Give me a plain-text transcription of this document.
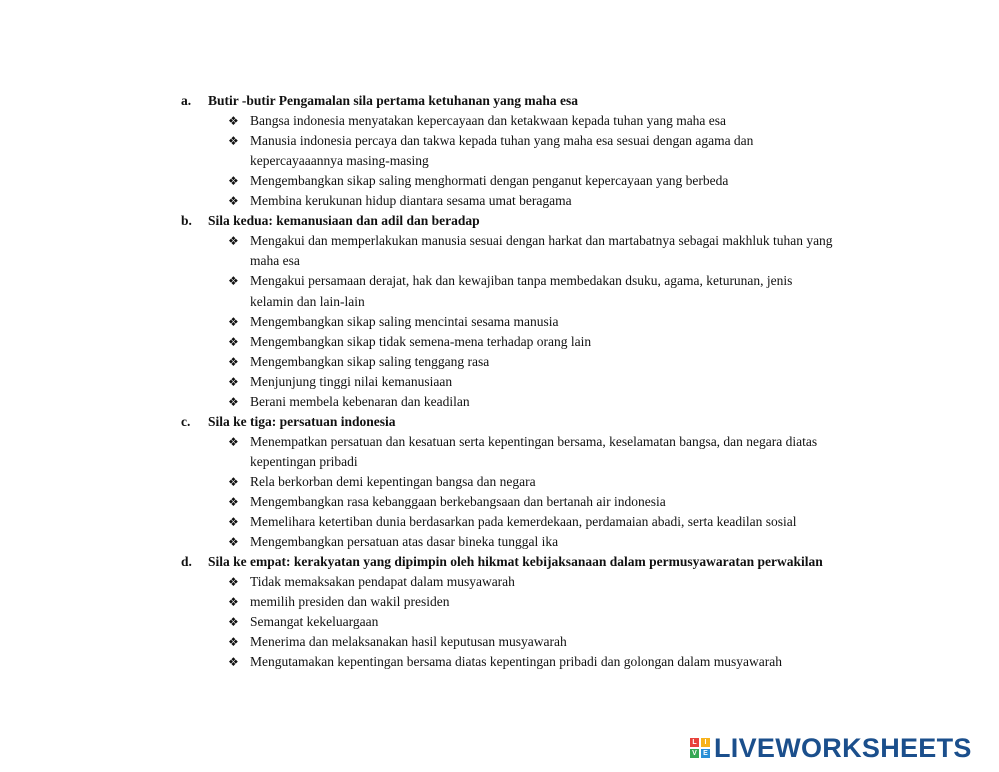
a. Butir -butir Pengamalan sila pertama ketuhanan yang maha esa
❖ Bangsa indonesia menyatakan kepercayaan dan ketakwaan kepada tuhan yang maha esa
❖ Manusia indonesia percaya dan takwa kepada tuhan yang maha esa sesuai dengan agama dan
kepercayaaannya masing-masing
❖ Mengembangkan sikap saling menghormati dengan penganut kepercayaan yang berbeda
❖ Membina kerukunan hidup diantara sesama umat beragama
b. Sila kedua: kemanusiaan dan adil dan beradap
❖ Mengakui dan memperlakukan manusia sesuai dengan harkat dan martabatnya sebagai makhluk tuhan yang
maha esa
❖ Mengakui persamaan derajat, hak dan kewajiban tanpa membedakan dsuku, agama, keturunan, jenis
kelamin dan lain-lain
❖ Mengembangkan sikap saling mencintai sesama manusia
❖ Mengembangkan sikap tidak semena-mena terhadap orang lain
❖ Mengembangkan sikap saling tenggang rasa
❖ Menjunjung tinggi nilai kemanusiaan
❖ Berani membela kebenaran dan keadilan
c. Sila ke tiga: persatuan indonesia
❖ Menempatkan persatuan dan kesatuan serta kepentingan bersama, keselamatan bangsa, dan negara diatas
kepentingan pribadi
❖ Rela berkorban demi kepentingan bangsa dan negara
❖ Mengembangkan rasa kebanggaan berkebangsaan dan bertanah air indonesia
❖ Memelihara ketertiban dunia berdasarkan pada kemerdekaan, perdamaian abadi, serta keadilan sosial
❖ Mengembangkan persatuan atas dasar bineka tunggal ika
d. Sila ke empat: kerakyatan yang dipimpin oleh hikmat kebijaksanaan dalam permusyawaratan perwakilan
❖ Tidak memaksakan pendapat dalam musyawarah
❖ memilih presiden dan wakil presiden
❖ Semangat kekeluargaan
❖ Menerima dan melaksanakan hasil keputusan musyawarah
❖ Mengutamakan kepentingan bersama diatas kepentingan pribadi dan golongan dalam musyawarah
L	I
V E LIVEWORKSHEETS
